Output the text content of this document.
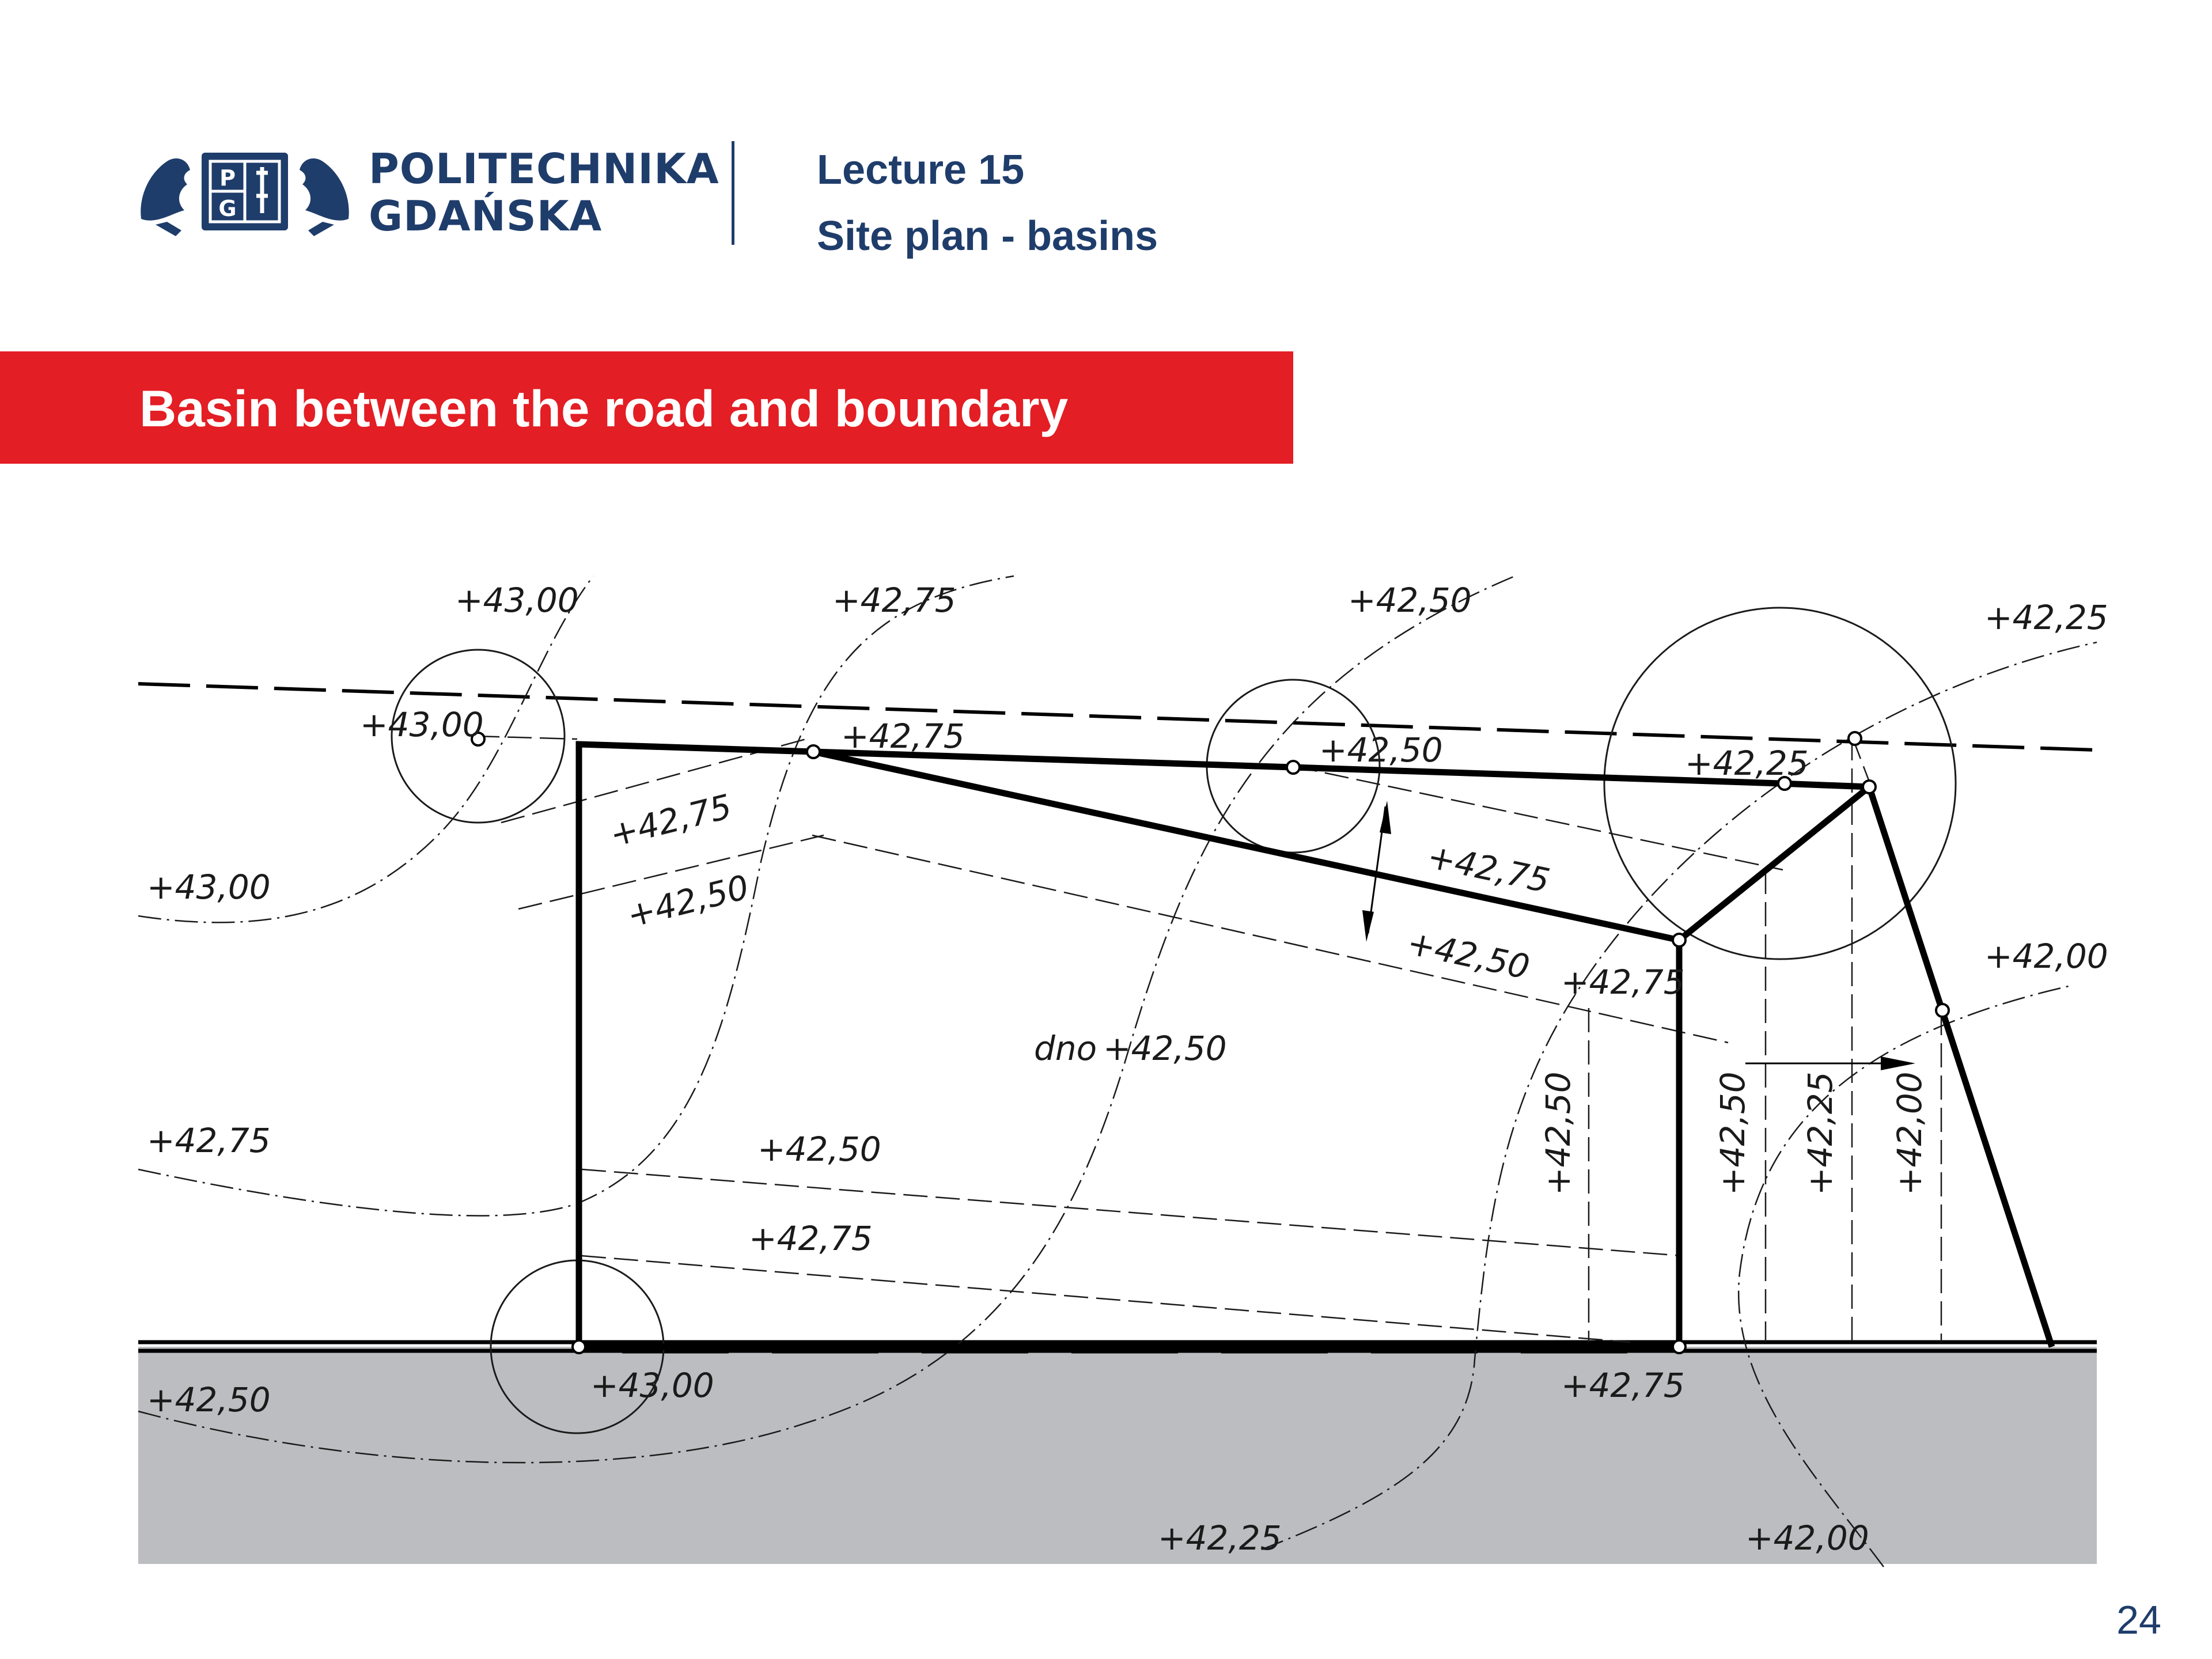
P
G
POLITECHNIKA
GDAŃSKA
Lecture 15
Site plan - basins
Basin between the road and boundary
+43,00	+42,75	+42,50	+42,25
+43,00
+42,75
+42,50
+42,25	+42,00
+42,00
+43,00	+42,75	+42,50	+42,25
+43,00	+42,75
+42,75
+42,75
+42,50	+42,75
+42,50
+42,50
+42,75
dno +42,50
+42,50	+42,50 +42,25 +42,00
24
